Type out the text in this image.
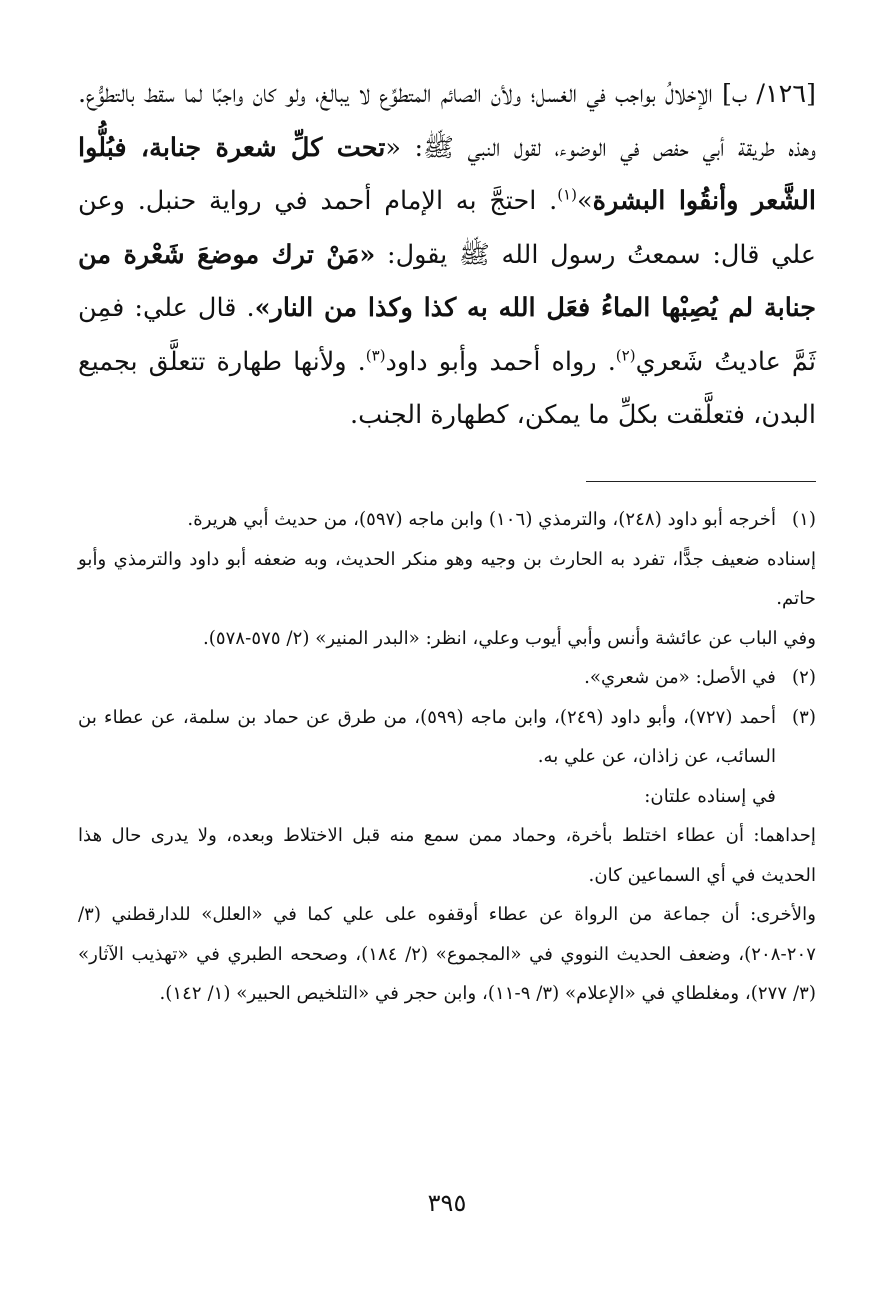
[١٢٦/ ب] الإخلالُ بواجب في الغسل؛ ولأن الصائم المتطوِّع لا يبالغ، ولو كان واجبًا لما سقط بالتطوُّع. وهذه طريقة أبي حفص في الوضوء، لقول النبي ﷺ: «تحت كلِّ شعرة جنابة، فبُلُّوا الشَّعر وأنقُوا البشرة»$^{(١)}$. احتجَّ به الإمام أحمد في رواية حنبل. وعن علي قال: سمعتُ رسول الله ﷺ يقول: «مَنْ ترك موضعَ شَعْرة من جنابة لم يُصِبْها الماءُ فعَل الله به كذا وكذا من النار». قال علي: فمِن ثَمَّ عاديتُ شَعري$^{(٢)}$. رواه أحمد وأبو داود$^{(٣)}$. ولأنها طهارة تتعلَّق بجميع البدن، فتعلَّقت بكلِّ ما يمكن، كطهارة الجنب.

(١)

أخرجه أبو داود (٢٤٨)، والترمذي (١٠٦) وابن ماجه (٥٩٧)، من حديث أبي هريرة.

إسناده ضعيف جدًّا، تفرد به الحارث بن وجيه وهو منكر الحديث، وبه ضعفه أبو داود والترمذي وأبو حاتم.

وفي الباب عن عائشة وأنس وأبي أيوب وعلي، انظر: «البدر المنير» (٢/ ٥٧٥-٥٧٨).

(٢)

في الأصل: «من شعري».

(٣)

أحمد (٧٢٧)، وأبو داود (٢٤٩)، وابن ماجه (٥٩٩)، من طرق عن حماد بن سلمة، عن عطاء بن السائب، عن زاذان، عن علي به.

في إسناده علتان:

إحداهما: أن عطاء اختلط بأخرة، وحماد ممن سمع منه قبل الاختلاط وبعده، ولا يدرى حال هذا الحديث في أي السماعين كان.

والأخرى: أن جماعة من الرواة عن عطاء أوقفوه على علي كما في «العلل» للدارقطني (٣/ ٢٠٧-٢٠٨)، وضعف الحديث النووي في «المجموع» (٢/ ١٨٤)، وصححه الطبري في «تهذيب الآثار» (٣/ ٢٧٧)، ومغلطاي في «الإعلام» (٣/ ٩-١١)، وابن حجر في «التلخيص الحبير» (١/ ١٤٢).

٣٩٥
